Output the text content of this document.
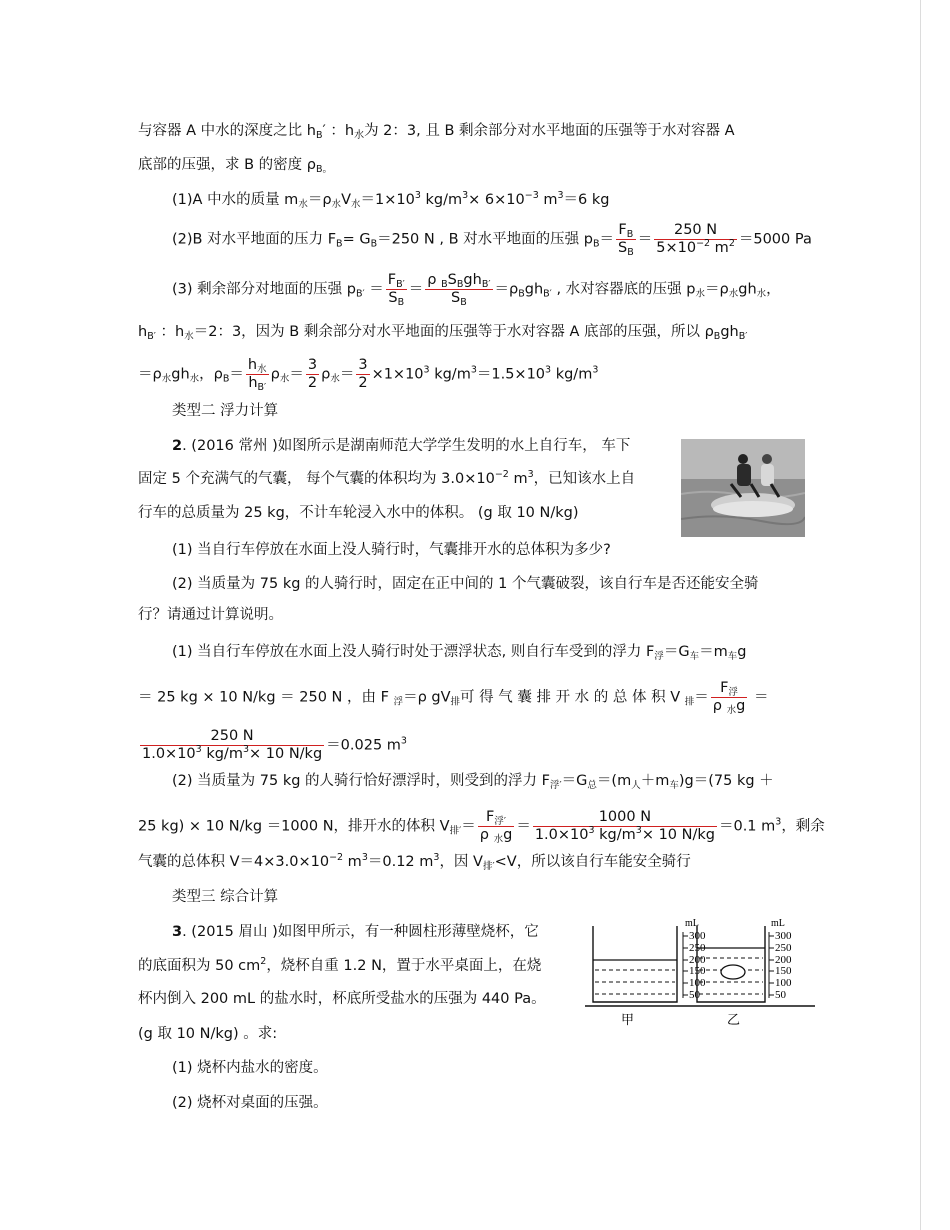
与容器 A 中水的深度之比 $h_B'$ ：$h_水$为 2：3, 且 B 剩余部分对水平地面的压强等于水对容器 A
底部的压强，求 B 的密度 $\rho_{B。}$
(1)A 中水的质量 $m_水=\rho_水V_水=1\times 10^3$ $kg/m^3\times 6\times 10^{-3}$ $m^3=6$ kg
(2)B 对水平地面的压力 $F_B= G_B=250$ N , B 对水平地面的压强 $p_B= \frac{F_B}{S_B} = \frac{250 N}{5\times 10^{-2} m^2} =5000$ Pa
(3) 剩余部分对地面的压强 $p_{B'} = \frac{F_{B'}}{S_B} = \frac{\rho _BS_Bgh_{B'}}{S_B} =\rho_Bgh_{B'}$ , 水对容器底的压强 $p_水=\rho_水gh_水$，
$h_{B'}$ ：$h_水=2$：3，因为 B 剩余部分对水平地面的压强等于水对容器 A 底部的压强，所以 $\rho_Bgh_{B'}$
$=\rho_水gh_水$，$\rho_B= \frac{h_水}{h_{B'}} \rho_水= \frac{3}{2} \rho_水= \frac{3}{2} \times 1\times 10^3$ $kg/m^3=1.5\times 10^3$ $kg/m^3$
类型二 浮力计算
2. (2016 常州 )如图所示是湖南师范大学学生发明的水上自行车， 车下
固定 5 个充满气的气囊， 每个气囊的体积均为 $3.0\times 10^{-2}$ $m^3$，已知该水上自
行车的总质量为 25 kg，不计车轮浸入水中的体积。 (g 取 10 N/kg)
(1) 当自行车停放在水面上没人骑行时，气囊排开水的总体积为多少?
(2) 当质量为 75 kg 的人骑行时，固定在正中间的 1 个气囊破裂，该自行车是否还能安全骑
行？请通过计算说明。
(1) 当自行车停放在水面上没人骑行时处于漂浮状态, 则自行车受到的浮力 $F_浮=G_车=m_车g$
＝ 25 kg × 10 N/kg ＝ 250 N ，由 F $_浮$＝ρ $gV_排$可 得 气 囊 排 开 水 的 总 体 积 V $_排= \frac{F_浮}{\rho _水g}$ ＝
$\frac{250 N}{1.0\times 10^3 kg/m^3\times 10 N/kg} =0.025$ $m^3$
(2) 当质量为 75 kg 的人骑行恰好漂浮时，则受到的浮力 $F_{浮'}=G_总=(m_人+m_车)g=(75$ kg ＋
25 kg) × 10 N/kg ＝1000 N，排开水的体积 $V_{排'}= \frac{F_{浮'}}{\rho _水g} = \frac{1000 N}{1.0\times 10^3 kg/m^3\times 10 N/kg} =0.1$ $m^3$，剩余
气囊的总体积 $V=4\times 3.0\times 10^{-2}$ $m^3=0.12$ $m^3$，因 $V_{排'}<V$，所以该自行车能安全骑行
类型三 综合计算
3. (2015 眉山 )如图甲所示，有一种圆柱形薄壁烧杯，它
的底面积为 50 $cm^2$，烧杯自重 1.2 N，置于水平桌面上，在烧
杯内倒入 200 mL 的盐水时，杯底所受盐水的压强为 440 Pa。
(g 取 10 N/kg) 。求:
(1) 烧杯内盐水的密度。
(2) 烧杯对桌面的压强。
mL
300
250
200
150
100
50
mL
300
250
200
150
100
50
甲	乙
